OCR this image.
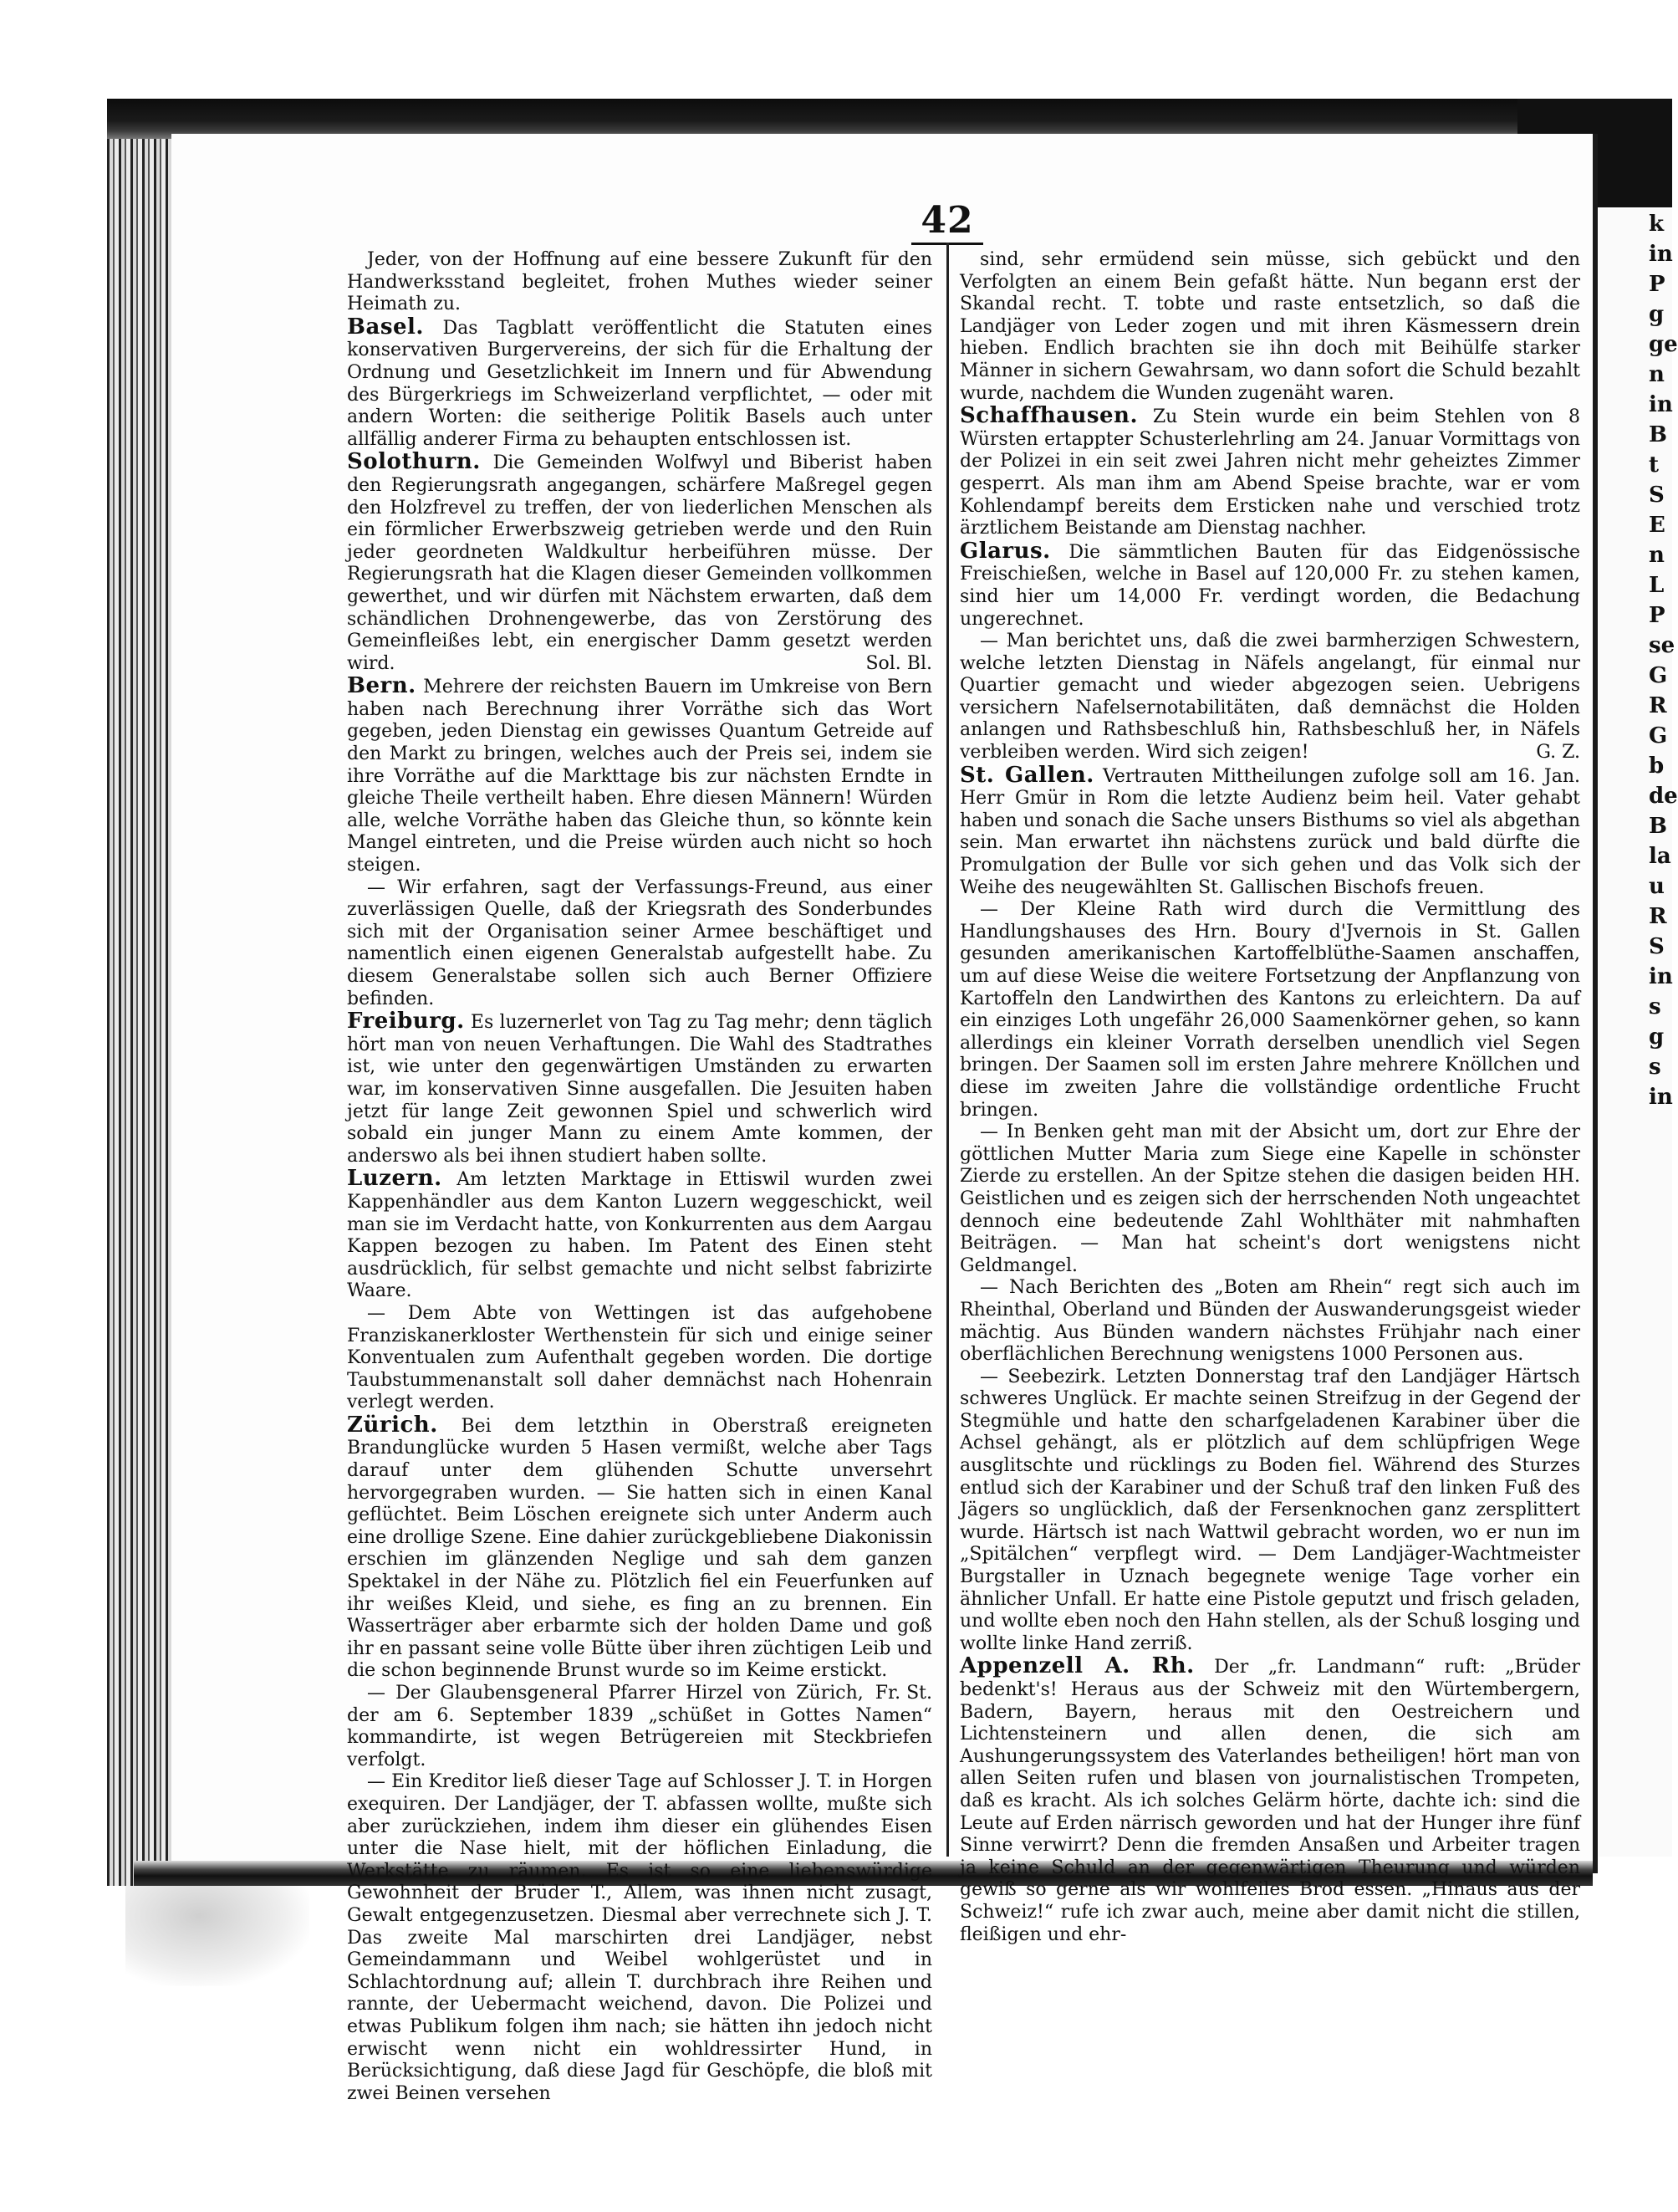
k
in
P
g
ge
n
in
B
t
S
E
n
L
P
se
G
R
G
b
de
B
la
u
R
S
in
s
g
s
in
42

Jeder, von der Hoffnung auf eine bessere Zukunft für den Handwerksstand begleitet, frohen Muthes wieder seiner Heimath zu.

Basel. Das Tagblatt veröffentlicht die Statuten eines konservativen Burgervereins, der sich für die Erhaltung der Ordnung und Gesetzlichkeit im Innern und für Abwendung des Bürgerkriegs im Schweizerland verpflichtet, — oder mit andern Worten: die seitherige Politik Basels auch unter allfällig anderer Firma zu behaupten entschlossen ist.

Solothurn. Die Gemeinden Wolfwyl und Biberist haben den Regierungsrath angegangen, schärfere Maßregel gegen den Holzfrevel zu treffen, der von liederlichen Menschen als ein förmlicher Erwerbszweig getrieben werde und den Ruin jeder geordneten Waldkultur herbeiführen müsse. Der Regierungsrath hat die Klagen dieser Gemeinden vollkommen gewerthet, und wir dürfen mit Nächstem erwarten, daß dem schändlichen Drohnengewerbe, das von Zerstörung des Gemeinfleißes lebt, ein energischer Damm gesetzt werden wird.	Sol. Bl.

Bern. Mehrere der reichsten Bauern im Umkreise von Bern haben nach Berechnung ihrer Vorräthe sich das Wort gegeben, jeden Dienstag ein gewisses Quantum Getreide auf den Markt zu bringen, welches auch der Preis sei, indem sie ihre Vorräthe auf die Markttage bis zur nächsten Erndte in gleiche Theile vertheilt haben. Ehre diesen Männern! Würden alle, welche Vorräthe haben das Gleiche thun, so könnte kein Mangel eintreten, und die Preise würden auch nicht so hoch steigen.

— Wir erfahren, sagt der Verfassungs-Freund, aus einer zuverlässigen Quelle, daß der Kriegsrath des Sonderbundes sich mit der Organisation seiner Armee beschäftiget und namentlich einen eigenen Generalstab aufgestellt habe. Zu diesem Generalstabe sollen sich auch Berner Offiziere befinden.

Freiburg. Es luzernerlet von Tag zu Tag mehr; denn täglich hört man von neuen Verhaftungen. Die Wahl des Stadtrathes ist, wie unter den gegenwärtigen Umständen zu erwarten war, im konservativen Sinne ausgefallen. Die Jesuiten haben jetzt für lange Zeit gewonnen Spiel und schwerlich wird sobald ein junger Mann zu einem Amte kommen, der anderswo als bei ihnen studiert haben sollte.

Luzern. Am letzten Marktage in Ettiswil wurden zwei Kappenhändler aus dem Kanton Luzern weggeschickt, weil man sie im Verdacht hatte, von Konkurrenten aus dem Aargau Kappen bezogen zu haben. Im Patent des Einen steht ausdrücklich, für selbst gemachte und nicht selbst fabrizirte Waare.

— Dem Abte von Wettingen ist das aufgehobene Franziskanerkloster Werthenstein für sich und einige seiner Konventualen zum Aufenthalt gegeben worden. Die dortige Taubstummenanstalt soll daher demnächst nach Hohenrain verlegt werden.

Zürich. Bei dem letzthin in Oberstraß ereigneten Brandunglücke wurden 5 Hasen vermißt, welche aber Tags darauf unter dem glühenden Schutte unversehrt hervorgegraben wurden. — Sie hatten sich in einen Kanal geflüchtet. Beim Löschen ereignete sich unter Anderm auch eine drollige Szene. Eine dahier zurückgebliebene Diakonissin erschien im glänzenden Neglige und sah dem ganzen Spektakel in der Nähe zu. Plötzlich fiel ein Feuerfunken auf ihr weißes Kleid, und siehe, es fing an zu brennen. Ein Wasserträger aber erbarmte sich der holden Dame und goß ihr en passant seine volle Bütte über ihren züchtigen Leib und die schon beginnende Brunst wurde so im Keime erstickt.
Fr. St.

— Der Glaubensgeneral Pfarrer Hirzel von Zürich, der am 6. September 1839 „schüßet in Gottes Namen“ kommandirte, ist wegen Betrügereien mit Steckbriefen verfolgt.

— Ein Kreditor ließ dieser Tage auf Schlosser J. T. in Horgen exequiren. Der Landjäger, der T. abfassen wollte, mußte sich aber zurückziehen, indem ihm dieser ein glühendes Eisen unter die Nase hielt, mit der höflichen Einladung, die Werkstätte zu räumen. Es ist so eine liebenswürdige Gewohnheit der Brüder T., Allem, was ihnen nicht zusagt, Gewalt entgegenzusetzen. Diesmal aber verrechnete sich J. T. Das zweite Mal marschirten drei Landjäger, nebst Gemeindammann und Weibel wohlgerüstet und in Schlachtordnung auf; allein T. durchbrach ihre Reihen und rannte, der Uebermacht weichend, davon. Die Polizei und etwas Publikum folgen ihm nach; sie hätten ihn jedoch nicht erwischt wenn nicht ein wohldressirter Hund, in Berücksichtigung, daß diese Jagd für Geschöpfe, die bloß mit zwei Beinen versehen

sind, sehr ermüdend sein müsse, sich gebückt und den Verfolgten an einem Bein gefaßt hätte. Nun begann erst der Skandal recht. T. tobte und raste entsetzlich, so daß die Landjäger von Leder zogen und mit ihren Käsmessern drein hieben. Endlich brachten sie ihn doch mit Beihülfe starker Männer in sichern Gewahrsam, wo dann sofort die Schuld bezahlt wurde, nachdem die Wunden zugenäht waren.

Schaffhausen. Zu Stein wurde ein beim Stehlen von 8 Würsten ertappter Schusterlehrling am 24. Januar Vormittags von der Polizei in ein seit zwei Jahren nicht mehr geheiztes Zimmer gesperrt. Als man ihm am Abend Speise brachte, war er vom Kohlendampf bereits dem Ersticken nahe und verschied trotz ärztlichem Beistande am Dienstag nachher.

Glarus. Die sämmtlichen Bauten für das Eidgenössische Freischießen, welche in Basel auf 120,000 Fr. zu stehen kamen, sind hier um 14,000 Fr. verdingt worden, die Bedachung ungerechnet.

— Man berichtet uns, daß die zwei barmherzigen Schwestern, welche letzten Dienstag in Näfels angelangt, für einmal nur Quartier gemacht und wieder abgezogen seien. Uebrigens versichern Nafelsernotabilitäten, daß demnächst die Holden anlangen und Rathsbeschluß hin, Rathsbeschluß her, in Näfels verbleiben werden. Wird sich zeigen!	G. Z.

St. Gallen. Vertrauten Mittheilungen zufolge soll am 16. Jan. Herr Gmür in Rom die letzte Audienz beim heil. Vater gehabt haben und sonach die Sache unsers Bisthums so viel als abgethan sein. Man erwartet ihn nächstens zurück und bald dürfte die Promulgation der Bulle vor sich gehen und das Volk sich der Weihe des neugewählten St. Gallischen Bischofs freuen.

— Der Kleine Rath wird durch die Vermittlung des Handlungshauses des Hrn. Boury d'Jvernois in St. Gallen gesunden amerikanischen Kartoffelblüthe-Saamen anschaffen, um auf diese Weise die weitere Fortsetzung der Anpflanzung von Kartoffeln den Landwirthen des Kantons zu erleichtern. Da auf ein einziges Loth ungefähr 26,000 Saamenkörner gehen, so kann allerdings ein kleiner Vorrath derselben unendlich viel Segen bringen. Der Saamen soll im ersten Jahre mehrere Knöllchen und diese im zweiten Jahre die vollständige ordentliche Frucht bringen.

— In Benken geht man mit der Absicht um, dort zur Ehre der göttlichen Mutter Maria zum Siege eine Kapelle in schönster Zierde zu erstellen. An der Spitze stehen die dasigen beiden HH. Geistlichen und es zeigen sich der herrschenden Noth ungeachtet dennoch eine bedeutende Zahl Wohlthäter mit nahmhaften Beiträgen. — Man hat scheint's dort wenigstens nicht Geldmangel.

— Nach Berichten des „Boten am Rhein“ regt sich auch im Rheinthal, Oberland und Bünden der Auswanderungsgeist wieder mächtig. Aus Bünden wandern nächstes Frühjahr nach einer oberflächlichen Berechnung wenigstens 1000 Personen aus.

— Seebezirk. Letzten Donnerstag traf den Landjäger Härtsch schweres Unglück. Er machte seinen Streifzug in der Gegend der Stegmühle und hatte den scharfgeladenen Karabiner über die Achsel gehängt, als er plötzlich auf dem schlüpfrigen Wege ausglitschte und rücklings zu Boden fiel. Während des Sturzes entlud sich der Karabiner und der Schuß traf den linken Fuß des Jägers so unglücklich, daß der Fersenknochen ganz zersplittert wurde. Härtsch ist nach Wattwil gebracht worden, wo er nun im „Spitälchen“ verpflegt wird. — Dem Landjäger-Wachtmeister Burgstaller in Uznach begegnete wenige Tage vorher ein ähnlicher Unfall. Er hatte eine Pistole geputzt und frisch geladen, und wollte eben noch den Hahn stellen, als der Schuß losging und wollte linke Hand zerriß.

Appenzell A. Rh. Der „fr. Landmann“ ruft: „Brüder bedenkt's! Heraus aus der Schweiz mit den Würtembergern, Badern, Bayern, heraus mit den Oestreichern und Lichtensteinern und allen denen, die sich am Aushungerungssystem des Vaterlandes betheiligen! hört man von allen Seiten rufen und blasen von journalistischen Trompeten, daß es kracht. Als ich solches Gelärm hörte, dachte ich: sind die Leute auf Erden närrisch geworden und hat der Hunger ihre fünf Sinne verwirrt? Denn die fremden Ansaßen und Arbeiter tragen ja keine Schuld an der gegenwärtigen Theurung und würden gewiß so gerne als wir wohlfeiles Brod essen. „Hinaus aus der Schweiz!“ rufe ich zwar auch, meine aber damit nicht die stillen, fleißigen und ehr-
